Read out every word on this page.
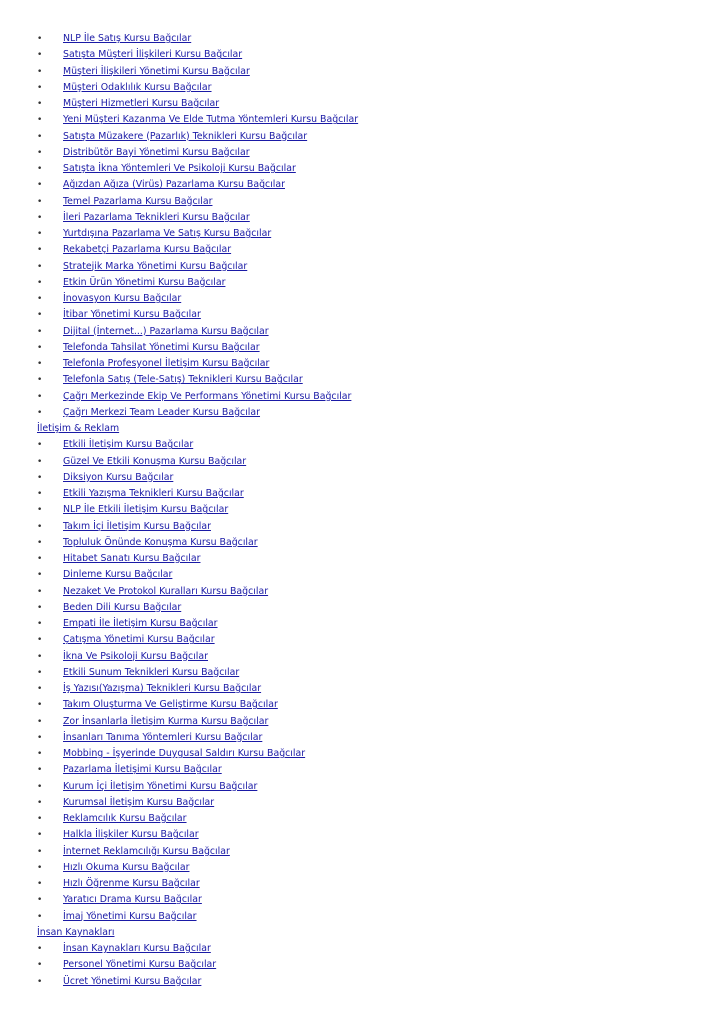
• NLP İle Satış Kursu Bağcılar
• Satışta Müşteri İlişkileri Kursu Bağcılar
• Müşteri İlişkileri Yönetimi Kursu Bağcılar
• Müşteri Odaklılık Kursu Bağcılar
• Müşteri Hizmetleri Kursu Bağcılar
• Yeni Müşteri Kazanma Ve Elde Tutma Yöntemleri Kursu Bağcılar
• Satışta Müzakere (Pazarlık) Teknikleri Kursu Bağcılar
• Distribütör Bayi Yönetimi Kursu Bağcılar
• Satışta İkna Yöntemleri Ve Psikoloji Kursu Bağcılar
• Ağızdan Ağıza (Virüs) Pazarlama Kursu Bağcılar
• Temel Pazarlama Kursu Bağcılar
• İleri Pazarlama Teknikleri Kursu Bağcılar
• Yurtdışına Pazarlama Ve Satış Kursu Bağcılar
• Rekabetçi Pazarlama Kursu Bağcılar
• Stratejik Marka Yönetimi Kursu Bağcılar
• Etkin Ürün Yönetimi Kursu Bağcılar
• İnovasyon Kursu Bağcılar
• İtibar Yönetimi Kursu Bağcılar
• Dijital (İnternet...) Pazarlama Kursu Bağcılar
• Telefonda Tahsilat Yönetimi Kursu Bağcılar
• Telefonla Profesyonel İletişim Kursu Bağcılar
• Telefonla Satış (Tele-Satış) Teknikleri Kursu Bağcılar
• Çağrı Merkezinde Ekip Ve Performans Yönetimi Kursu Bağcılar
• Çağrı Merkezi Team Leader Kursu Bağcılar
İletişim & Reklam
• Etkili İletişim Kursu Bağcılar
• Güzel Ve Etkili Konuşma Kursu Bağcılar
• Diksiyon Kursu Bağcılar
• Etkili Yazışma Teknikleri Kursu Bağcılar
• NLP İle Etkili İletişim Kursu Bağcılar
• Takım İçi İletişim Kursu Bağcılar
• Topluluk Önünde Konuşma Kursu Bağcılar
• Hitabet Sanatı Kursu Bağcılar
• Dinleme Kursu Bağcılar
• Nezaket Ve Protokol Kuralları Kursu Bağcılar
• Beden Dili Kursu Bağcılar
• Empati İle İletişim Kursu Bağcılar
• Çatışma Yönetimi Kursu Bağcılar
• İkna Ve Psikoloji Kursu Bağcılar
• Etkili Sunum Teknikleri Kursu Bağcılar
• İş Yazısı(Yazışma) Teknikleri Kursu Bağcılar
• Takım Oluşturma Ve Geliştirme Kursu Bağcılar
• Zor İnsanlarla İletişim Kurma Kursu Bağcılar
• İnsanları Tanıma Yöntemleri Kursu Bağcılar
• Mobbing - İşyerinde Duygusal Saldırı Kursu Bağcılar
• Pazarlama İletişimi Kursu Bağcılar
• Kurum İçi İletişim Yönetimi Kursu Bağcılar
• Kurumsal İletişim Kursu Bağcılar
• Reklamcılık Kursu Bağcılar
• Halkla İlişkiler Kursu Bağcılar
• İnternet Reklamcılığı Kursu Bağcılar
• Hızlı Okuma Kursu Bağcılar
• Hızlı Öğrenme Kursu Bağcılar
• Yaratıcı Drama Kursu Bağcılar
• İmaj Yönetimi Kursu Bağcılar
İnsan Kaynakları
• İnsan Kaynakları Kursu Bağcılar
• Personel Yönetimi Kursu Bağcılar
• Ücret Yönetimi Kursu Bağcılar
